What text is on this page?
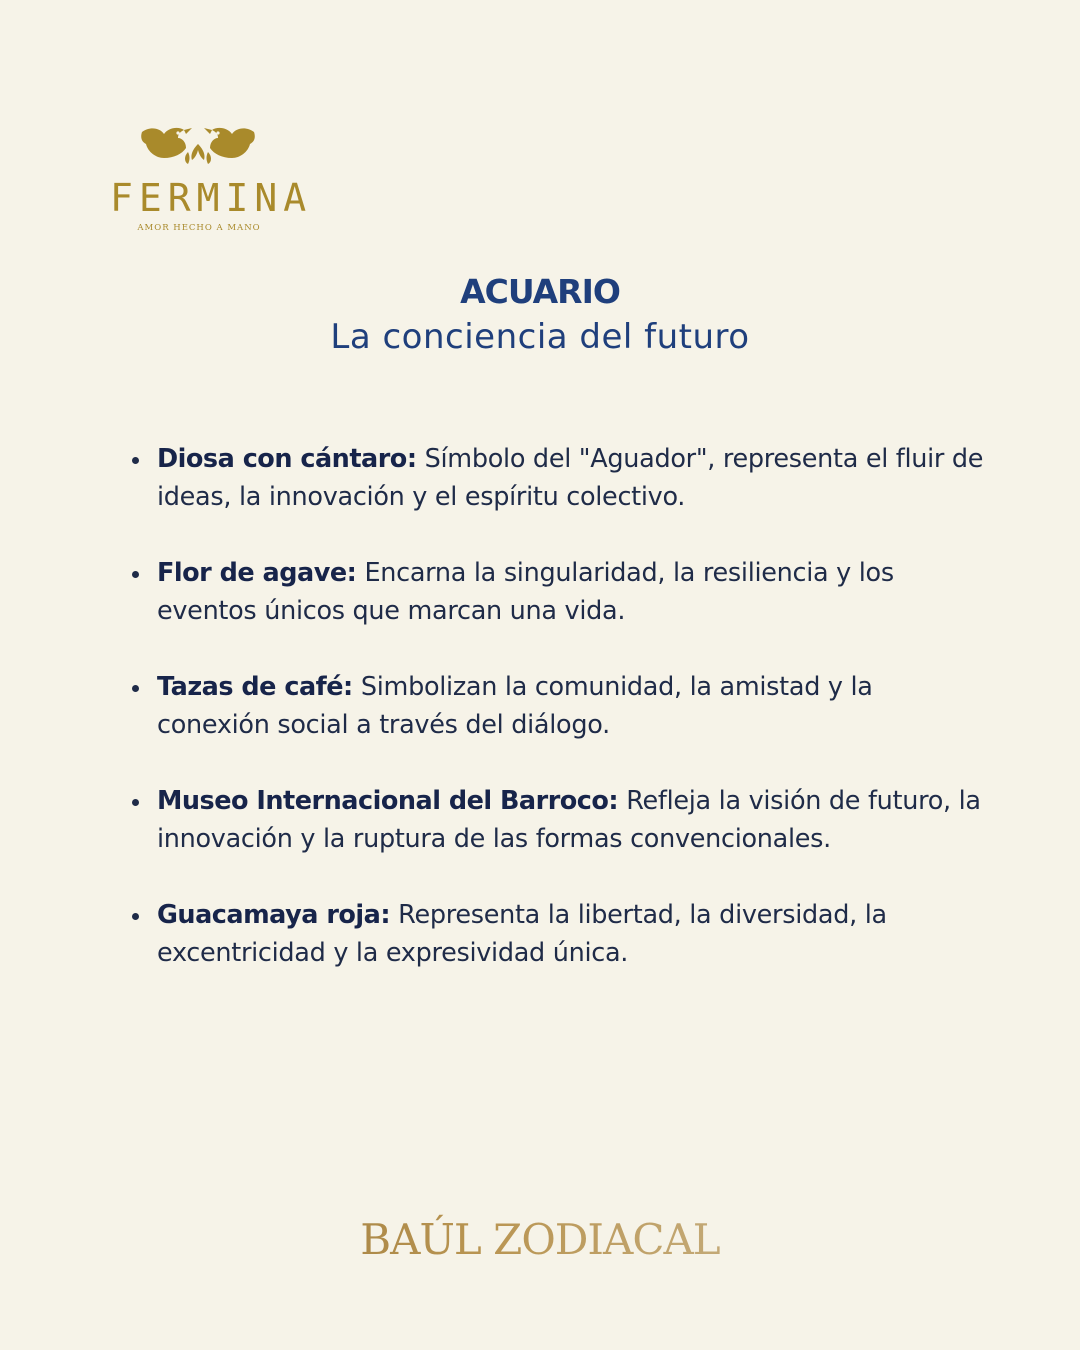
FERMINA
AMOR HECHO A MANO
ACUARIO
La conciencia del futuro
Diosa con cántaro: Símbolo del "Aguador", representa el fluir de ideas, la innovación y el espíritu colectivo.
Flor de agave: Encarna la singularidad, la resiliencia y los eventos únicos que marcan una vida.
Tazas de café: Simbolizan la comunidad, la amistad y la conexión social a través del diálogo.
Museo Internacional del Barroco: Refleja la visión de futuro, la innovación y la ruptura de las formas convencionales.
Guacamaya roja: Representa la libertad, la diversidad, la excentricidad y la expresividad única.
BAÚL ZODIACAL
